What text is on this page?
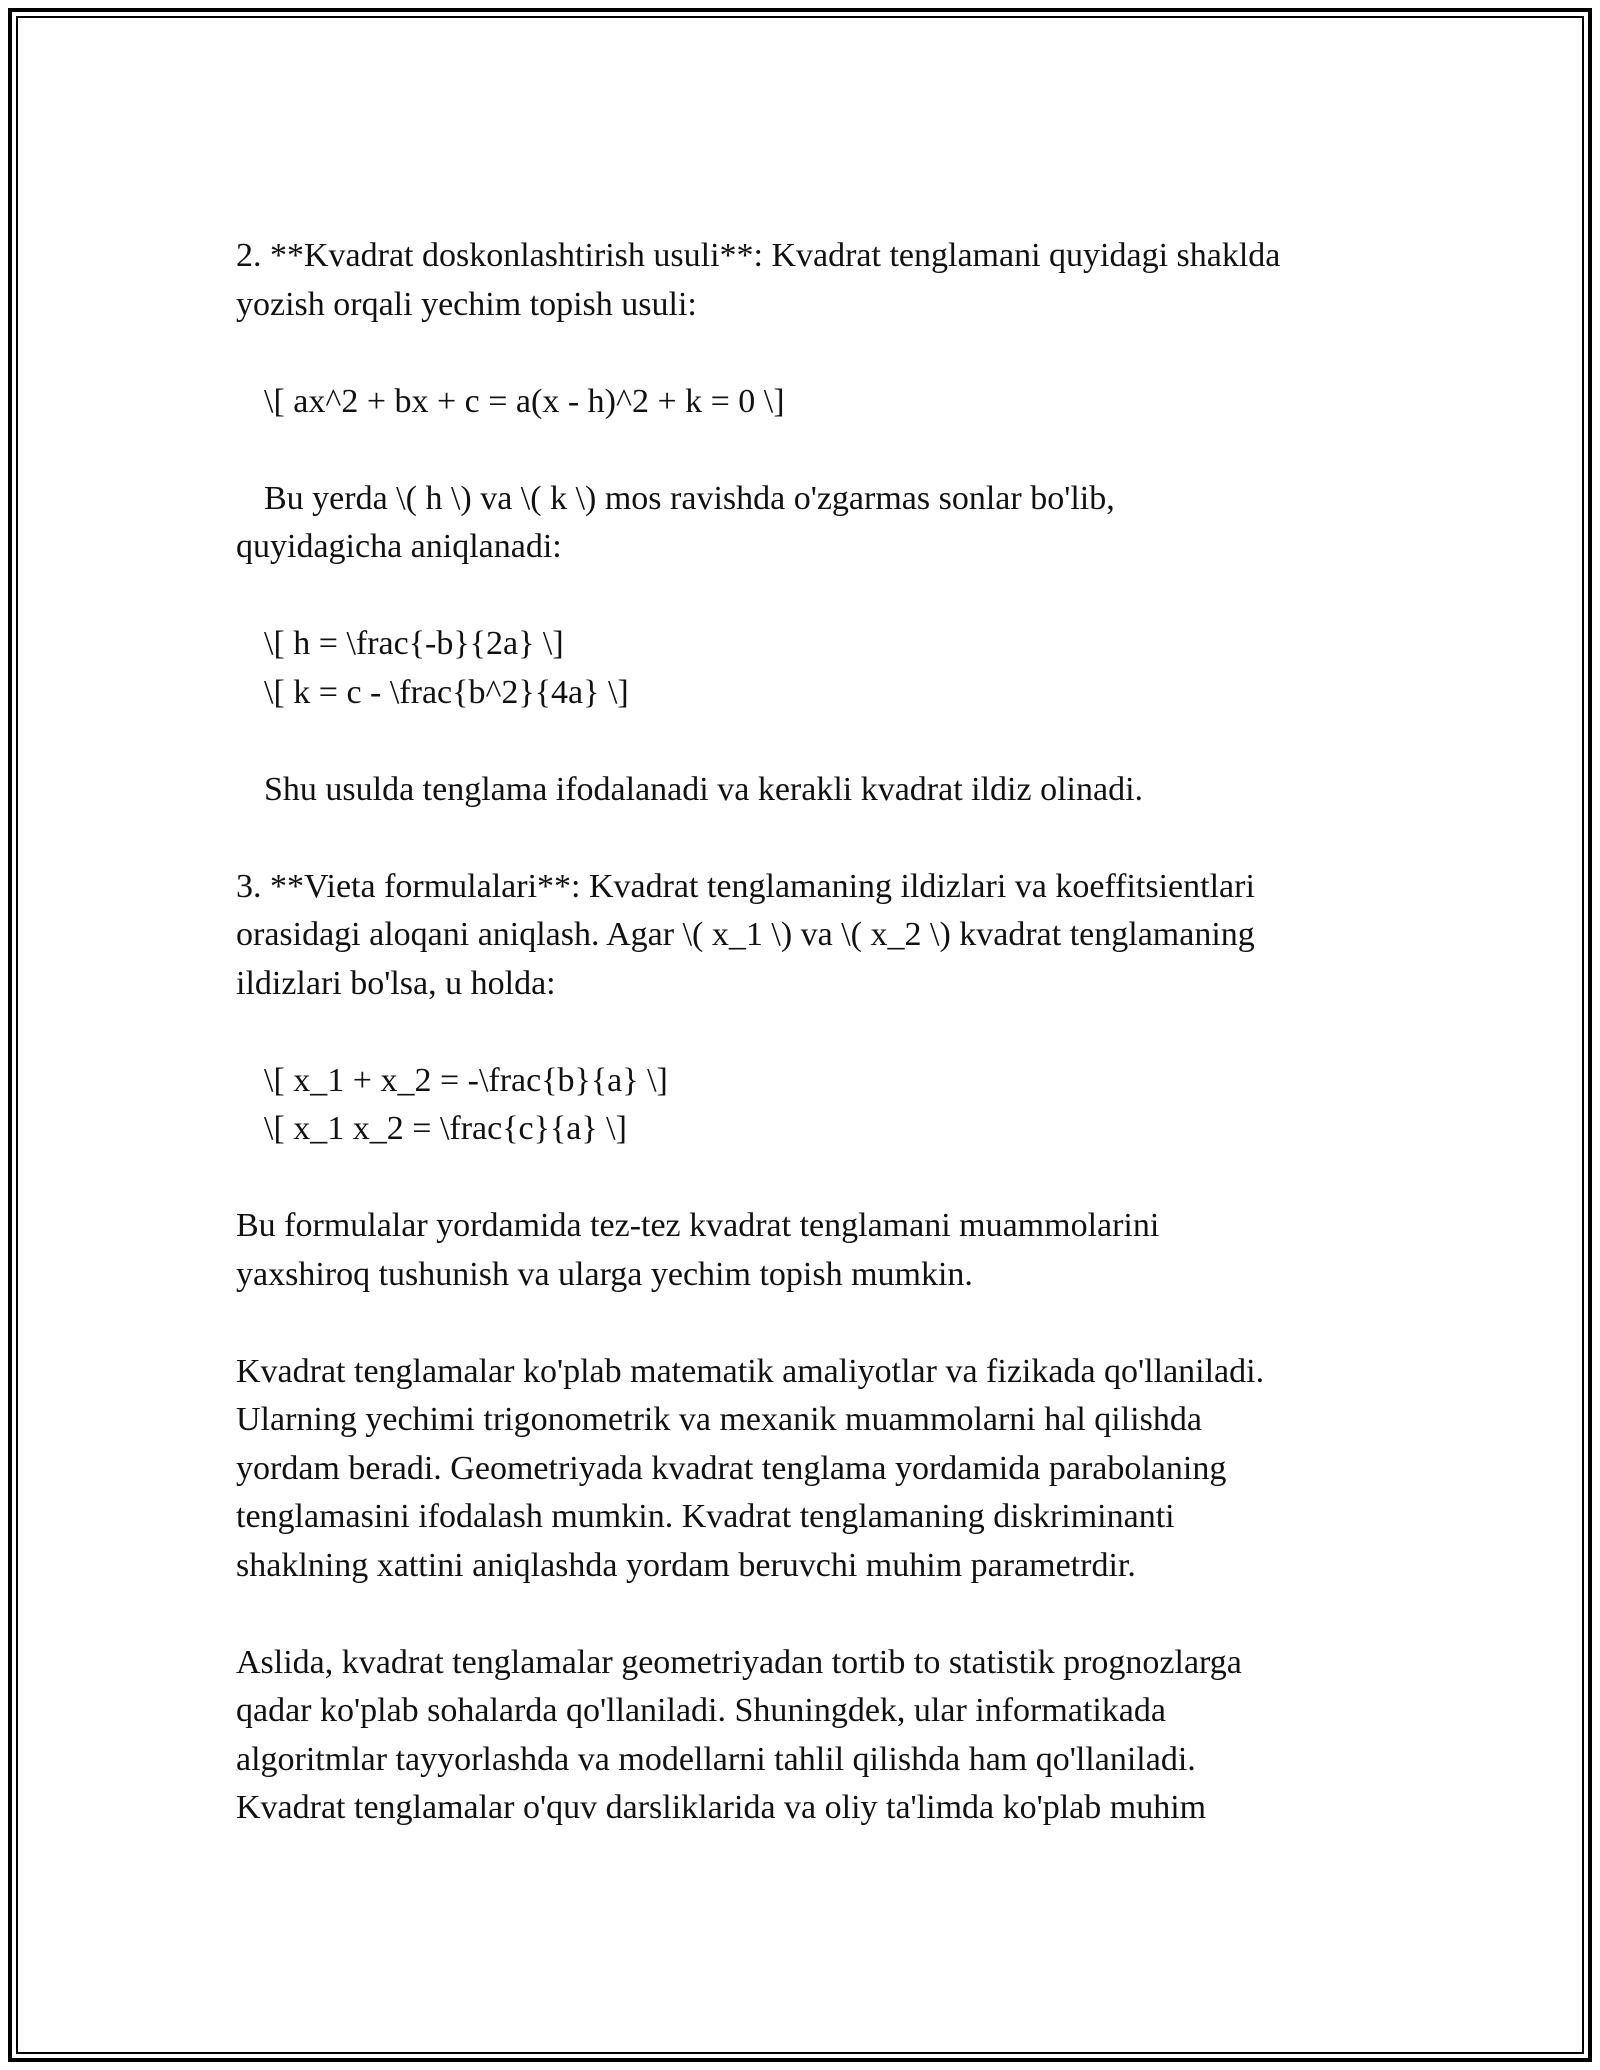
2. **Kvadrat doskonlashtirish usuli**: Kvadrat tenglamani quyidagi shaklda
yozish orqali yechim topish usuli:
\[ ax^2 + bx + c = a(x - h)^2 + k = 0 \]
Bu yerda \( h \) va \( k \) mos ravishda o'zgarmas sonlar bo'lib,
quyidagicha aniqlanadi:
\[ h = \frac{-b}{2a} \]
\[ k = c - \frac{b^2}{4a} \]
Shu usulda tenglama ifodalanadi va kerakli kvadrat ildiz olinadi.
3. **Vieta formulalari**: Kvadrat tenglamaning ildizlari va koeffitsientlari
orasidagi aloqani aniqlash. Agar \( x_1 \) va \( x_2 \) kvadrat tenglamaning
ildizlari bo'lsa, u holda:
\[ x_1 + x_2 = -\frac{b}{a} \]
\[ x_1 x_2 = \frac{c}{a} \]
Bu formulalar yordamida tez-tez kvadrat tenglamani muammolarini
yaxshiroq tushunish va ularga yechim topish mumkin.
Kvadrat tenglamalar ko'plab matematik amaliyotlar va fizikada qo'llaniladi.
Ularning yechimi trigonometrik va mexanik muammolarni hal qilishda
yordam beradi. Geometriyada kvadrat tenglama yordamida parabolaning
tenglamasini ifodalash mumkin. Kvadrat tenglamaning diskriminanti
shaklning xattini aniqlashda yordam beruvchi muhim parametrdir.
Aslida, kvadrat tenglamalar geometriyadan tortib to statistik prognozlarga
qadar ko'plab sohalarda qo'llaniladi. Shuningdek, ular informatikada
algoritmlar tayyorlashda va modellarni tahlil qilishda ham qo'llaniladi.
Kvadrat tenglamalar o'quv darsliklarida va oliy ta'limda ko'plab muhim
